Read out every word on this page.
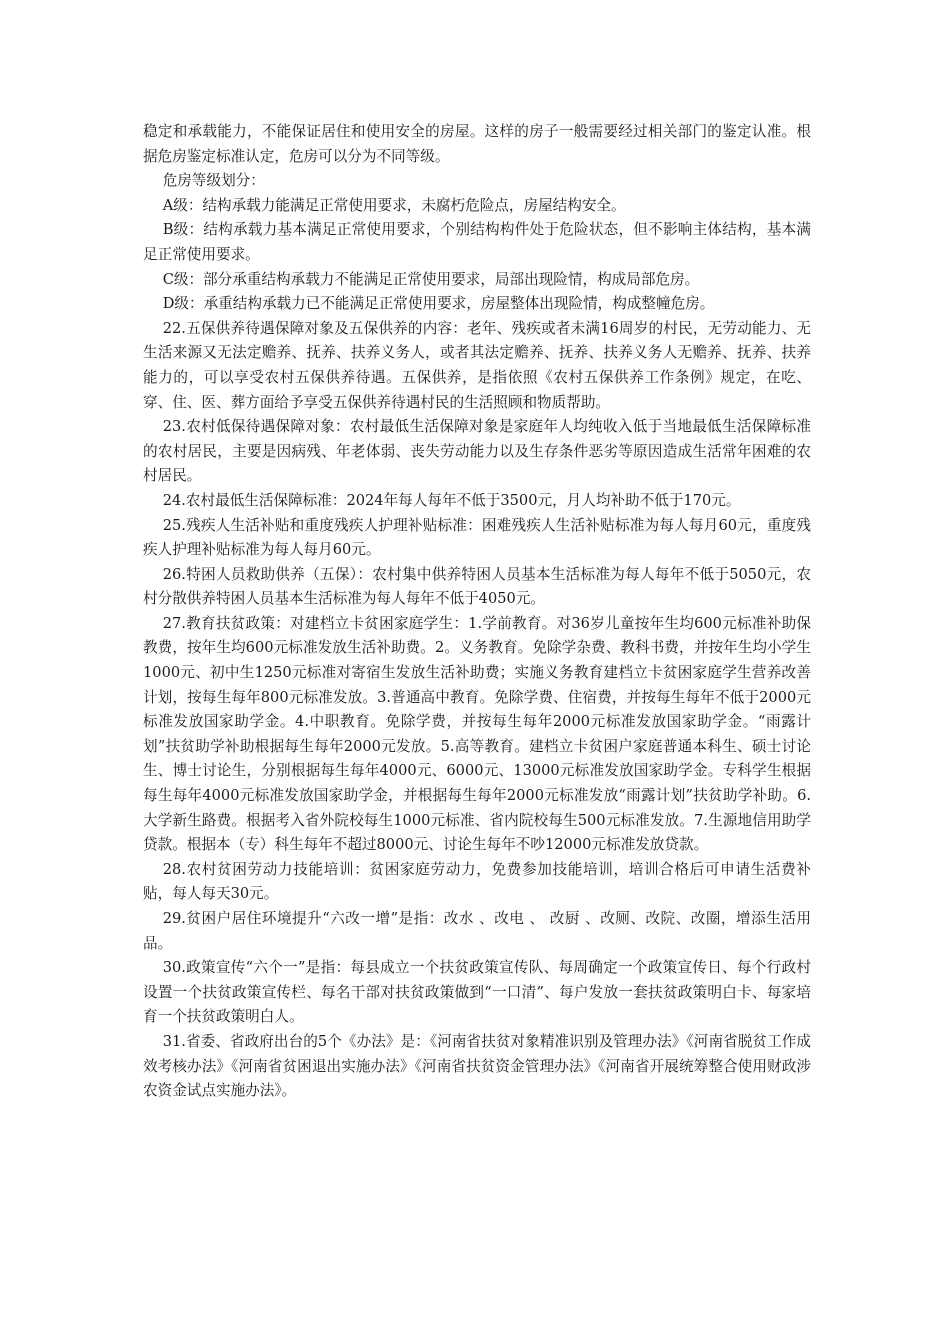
稳定和承载能力，不能保证居住和使用安全的房屋。这样的房子一般需要经过相关部门的鉴定认准。根据危房鉴定标准认定，危房可以分为不同等级。

危房等级划分：

A级：结构承载力能满足正常使用要求，未腐朽危险点，房屋结构安全。

B级：结构承载力基本满足正常使用要求，个别结构构件处于危险状态，但不影响主体结构，基本满足正常使用要求。

C级：部分承重结构承载力不能满足正常使用要求，局部出现险情，构成局部危房。

D级：承重结构承载力已不能满足正常使用要求，房屋整体出现险情，构成整幢危房。

22.五保供养待遇保障对象及五保供养的内容：老年、残疾或者未满16周岁的村民，无劳动能力、无生活来源又无法定赡养、抚养、扶养义务人，或者其法定赡养、抚养、扶养义务人无赡养、抚养、扶养能力的，可以享受农村五保供养待遇。五保供养，是指依照《农村五保供养工作条例》规定，在吃、穿、住、医、葬方面给予享受五保供养待遇村民的生活照顾和物质帮助。

23.农村低保待遇保障对象：农村最低生活保障对象是家庭年人均纯收入低于当地最低生活保障标准的农村居民，主要是因病残、年老体弱、丧失劳动能力以及生存条件恶劣等原因造成生活常年困难的农村居民。

24.农村最低生活保障标准：2024年每人每年不低于3500元，月人均补助不低于170元。

25.残疾人生活补贴和重度残疾人护理补贴标准：困难残疾人生活补贴标准为每人每月60元，重度残疾人护理补贴标准为每人每月60元。

26.特困人员救助供养（五保）：农村集中供养特困人员基本生活标准为每人每年不低于5050元，农村分散供养特困人员基本生活标准为每人每年不低于4050元。

27.教育扶贫政策：对建档立卡贫困家庭学生：1.学前教育。对36岁儿童按年生均600元标准补助保教费，按年生均600元标准发放生活补助费。2。义务教育。免除学杂费、教科书费，并按年生均小学生1000元、初中生1250元标准对寄宿生发放生活补助费；实施义务教育建档立卡贫困家庭学生营养改善计划，按每生每年800元标准发放。3.普通高中教育。免除学费、住宿费，并按每生每年不低于2000元标准发放国家助学金。4.中职教育。免除学费，并按每生每年2000元标准发放国家助学金。“雨露计划”扶贫助学补助根据每生每年2000元发放。5.高等教育。建档立卡贫困户家庭普通本科生、硕士讨论生、博士讨论生，分别根据每生每年4000元、6000元、13000元标准发放国家助学金。专科学生根据每生每年4000元标准发放国家助学金，并根据每生每年2000元标准发放“雨露计划”扶贫助学补助。6.大学新生路费。根据考入省外院校每生1000元标准、省内院校每生500元标准发放。7.生源地信用助学贷款。根据本（专）科生每年不超过8000元、讨论生每年不吵12000元标准发放贷款。

28.农村贫困劳动力技能培训：贫困家庭劳动力，免费参加技能培训，培训合格后可申请生活费补贴，每人每天30元。

29.贫困户居住环境提升“六改一增”是指：改水 、改电 、 改厨 、改厕、改院、改圈，增添生活用品。

30.政策宣传“六个一”是指：每县成立一个扶贫政策宣传队、每周确定一个政策宣传日、每个行政村设置一个扶贫政策宣传栏、每名干部对扶贫政策做到“一口清”、每户发放一套扶贫政策明白卡、每家培育一个扶贫政策明白人。

31.省委、省政府出台的5个《办法》是：《河南省扶贫对象精准识别及管理办法》《河南省脱贫工作成效考核办法》《河南省贫困退出实施办法》《河南省扶贫资金管理办法》《河南省开展统筹整合使用财政涉农资金试点实施办法》。
